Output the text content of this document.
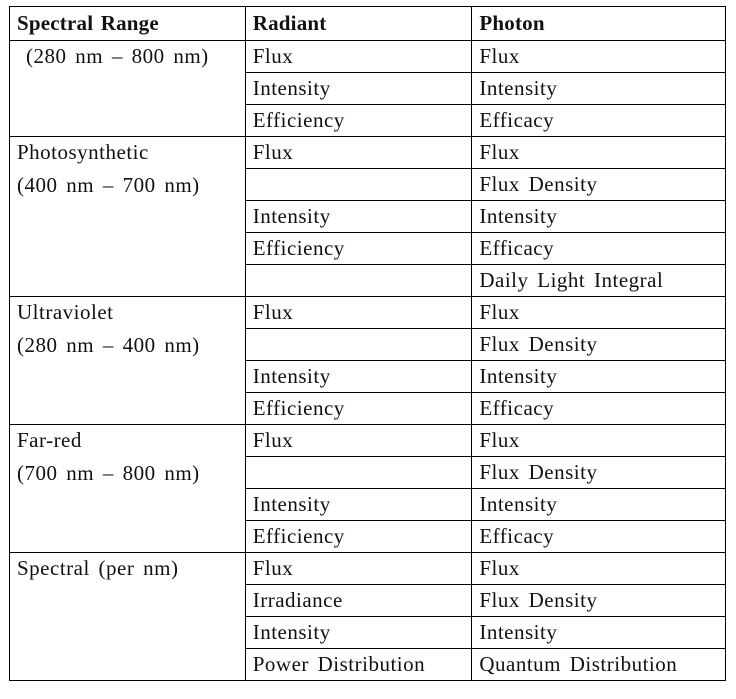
Spectral Range	Radiant	Photon

(280 nm – 800 nm)	Flux	Flux
	Intensity	Intensity
	Efficiency	Efficacy

Photosynthetic
(400 nm – 700 nm)	Flux	Flux
		Flux Density
	Intensity	Intensity
	Efficiency	Efficacy
		Daily Light Integral

Ultraviolet
(280 nm – 400 nm)	Flux	Flux
		Flux Density
	Intensity	Intensity
	Efficiency	Efficacy

Far-red
(700 nm – 800 nm)	Flux	Flux
		Flux Density
	Intensity	Intensity
	Efficiency	Efficacy

Spectral (per nm)	Flux	Flux
	Irradiance	Flux Density
	Intensity	Intensity
	Power Distribution	Quantum Distribution
